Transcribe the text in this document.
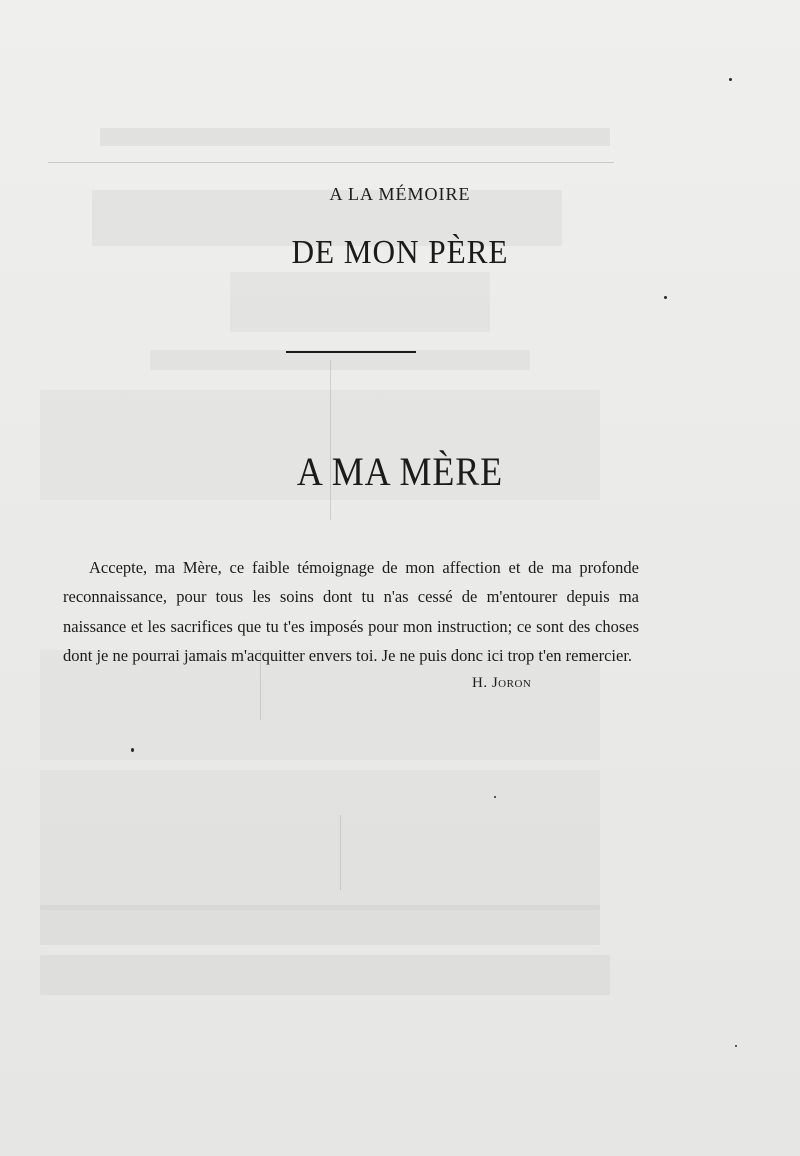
A LA MÉMOIRE
DE MON PÈRE
A MA MÈRE

Accepte, ma Mère, ce faible témoignage de mon affection et de ma profonde reconnaissance, pour tous les soins dont tu n'as cessé de m'entourer depuis ma naissance et les sacrifices que tu t'es imposés pour mon instruction; ce sont des choses dont je ne pourrai jamais m'acquitter envers toi. Je ne puis donc ici trop t'en remercier.

H. Joron
